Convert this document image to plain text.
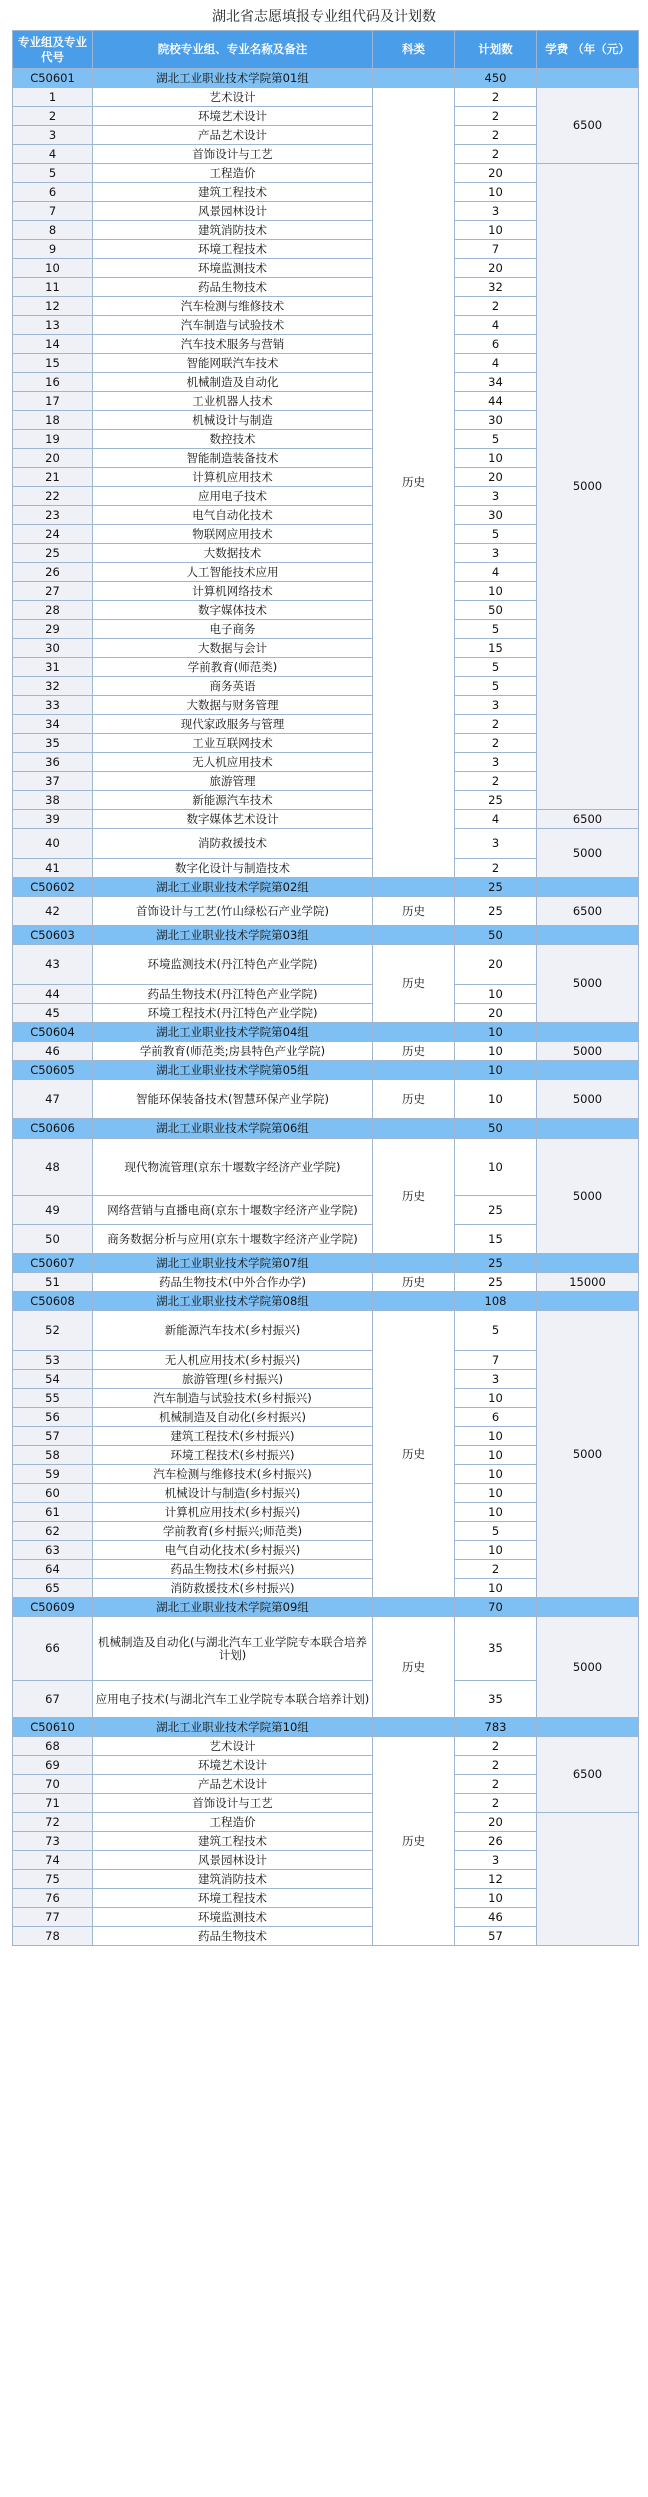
湖北省志愿填报专业组代码及计划数
专业组及专业代号	院校专业组、专业名称及备注	科类	计划数	学费 （年（元）
C50601	湖北工业职业技术学院第01组		450	
1	艺术设计	历史	2	6500
2	环境艺术设计		2	
3	产品艺术设计		2	
4	首饰设计与工艺		2	
5	工程造价		20	5000
6	建筑工程技术		10	
7	风景园林设计		3	
8	建筑消防技术		10	
9	环境工程技术		7	
10	环境监测技术		20	
11	药品生物技术		32	
12	汽车检测与维修技术		2	
13	汽车制造与试验技术		4	
14	汽车技术服务与营销		6	
15	智能网联汽车技术		4	
16	机械制造及自动化		34	
17	工业机器人技术		44	
18	机械设计与制造		30	
19	数控技术		5	
20	智能制造装备技术		10	
21	计算机应用技术		20	
22	应用电子技术		3	
23	电气自动化技术		30	
24	物联网应用技术		5	
25	大数据技术		3	
26	人工智能技术应用		4	
27	计算机网络技术		10	
28	数字媒体技术		50	
29	电子商务		5	
30	大数据与会计		15	
31	学前教育(师范类)		5	
32	商务英语		5	
33	大数据与财务管理		3	
34	现代家政服务与管理		2	
35	工业互联网技术		2	
36	无人机应用技术		3	
37	旅游管理		2	
38	新能源汽车技术		25	
39	数字媒体艺术设计		4	6500
40	消防救援技术		3	5000
41	数字化设计与制造技术		2	
C50602	湖北工业职业技术学院第02组		25	
42	首饰设计与工艺(竹山绿松石产业学院)	历史	25	6500
C50603	湖北工业职业技术学院第03组		50	
43	环境监测技术(丹江特色产业学院)	历史	20	5000
44	药品生物技术(丹江特色产业学院)		10	
45	环境工程技术(丹江特色产业学院)		20	
C50604	湖北工业职业技术学院第04组		10	
46	学前教育(师范类;房县特色产业学院)	历史	10	5000
C50605	湖北工业职业技术学院第05组		10	
47	智能环保装备技术(智慧环保产业学院)	历史	10	5000
C50606	湖北工业职业技术学院第06组		50	
48	现代物流管理(京东十堰数字经济产业学院)	历史	10	5000
49	网络营销与直播电商(京东十堰数字经济产业学院)		25	
50	商务数据分析与应用(京东十堰数字经济产业学院)		15	
C50607	湖北工业职业技术学院第07组		25	
51	药品生物技术(中外合作办学)	历史	25	15000
C50608	湖北工业职业技术学院第08组		108	
52	新能源汽车技术(乡村振兴)	历史	5	5000
53	无人机应用技术(乡村振兴)		7	
54	旅游管理(乡村振兴)		3	
55	汽车制造与试验技术(乡村振兴)		10	
56	机械制造及自动化(乡村振兴)		6	
57	建筑工程技术(乡村振兴)		10	
58	环境工程技术(乡村振兴)		10	
59	汽车检测与维修技术(乡村振兴)		10	
60	机械设计与制造(乡村振兴)		10	
61	计算机应用技术(乡村振兴)		10	
62	学前教育(乡村振兴;师范类)		5	
63	电气自动化技术(乡村振兴)		10	
64	药品生物技术(乡村振兴)		2	
65	消防救援技术(乡村振兴)		10	
C50609	湖北工业职业技术学院第09组		70	
66	机械制造及自动化(与湖北汽车工业学院专本联合培养计划)	历史	35	5000
67	应用电子技术(与湖北汽车工业学院专本联合培养计划)		35	
C50610	湖北工业职业技术学院第10组		783	
68	艺术设计	历史	2	6500
69	环境艺术设计		2	
70	产品艺术设计		2	
71	首饰设计与工艺		2	
72	工程造价		20	
73	建筑工程技术		26	
74	风景园林设计		3	
75	建筑消防技术		12	
76	环境工程技术		10	
77	环境监测技术		46	
78	药品生物技术		57	
